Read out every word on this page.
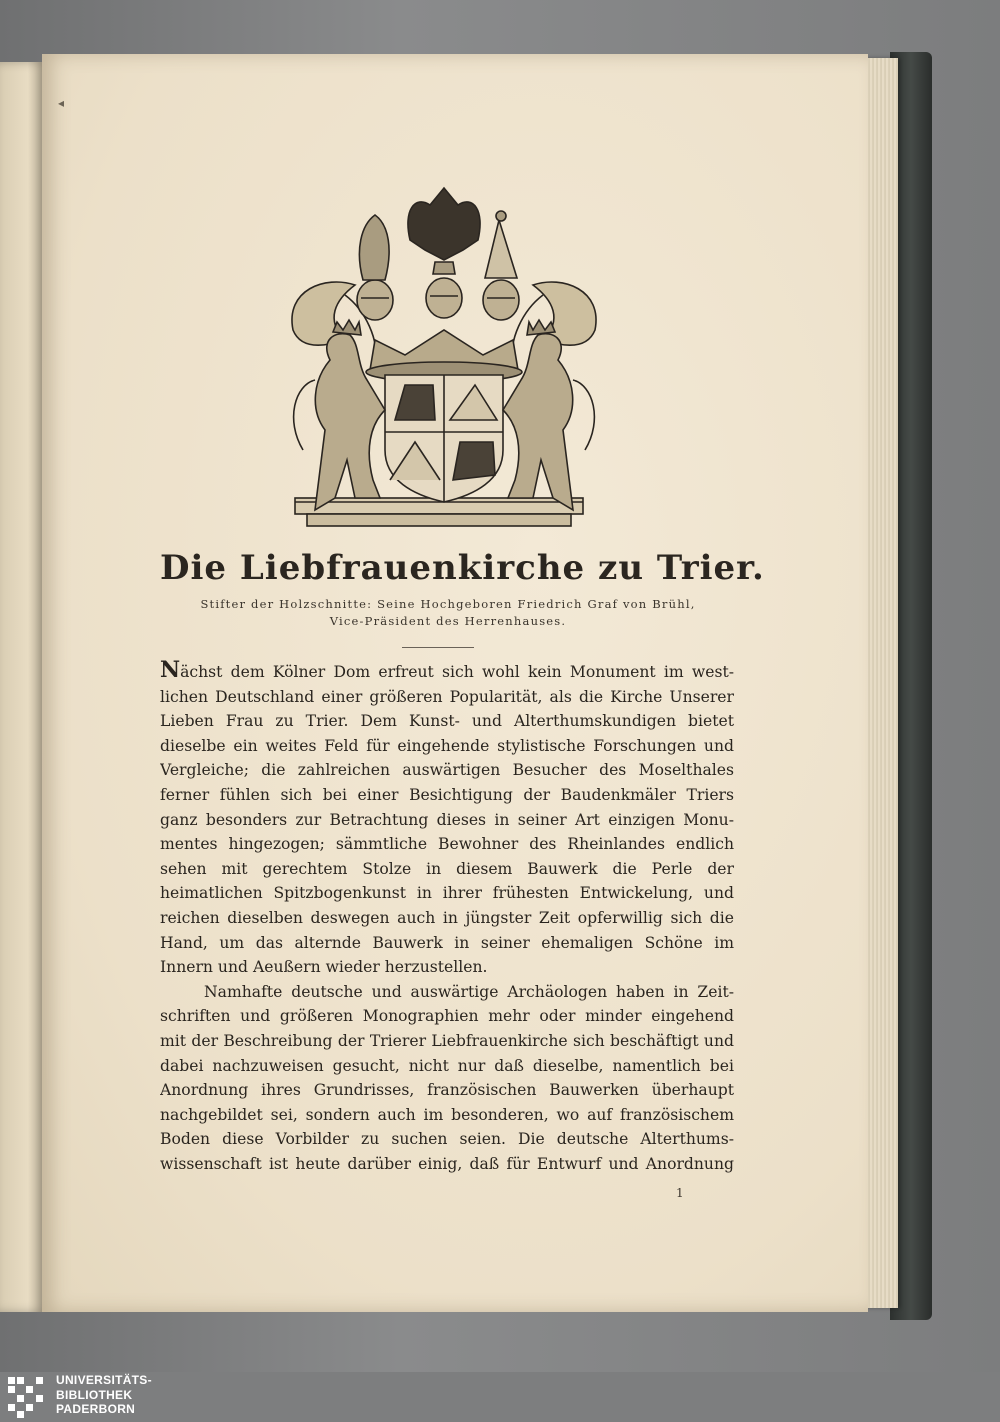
◂
Die Liebfrauenkirche zu Trier.
Stifter der Holzschnitte: Seine Hochgeboren Friedrich Graf von Brühl,
Vice-Präsident des Herrenhauses.
Nächst dem Kölner Dom erfreut sich wohl kein Monument im west-
lichen Deutschland einer größeren Popularität, als die Kirche Unserer
Lieben Frau zu Trier. Dem Kunst- und Alterthumskundigen bietet
dieselbe ein weites Feld für eingehende stylistische Forschungen und
Vergleiche; die zahlreichen auswärtigen Besucher des Moselthales
ferner fühlen sich bei einer Besichtigung der Baudenkmäler Triers
ganz besonders zur Betrachtung dieses in seiner Art einzigen Monu-
mentes hingezogen; sämmtliche Bewohner des Rheinlandes endlich
sehen mit gerechtem Stolze in diesem Bauwerk die Perle der
heimatlichen Spitzbogenkunst in ihrer frühesten Entwickelung, und
reichen dieselben deswegen auch in jüngster Zeit opferwillig sich die
Hand, um das alternde Bauwerk in seiner ehemaligen Schöne im
Innern und Aeußern wieder herzustellen.
Namhafte deutsche und auswärtige Archäologen haben in Zeit-
schriften und größeren Monographien mehr oder minder eingehend
mit der Beschreibung der Trierer Liebfrauenkirche sich beschäftigt und
dabei nachzuweisen gesucht, nicht nur daß dieselbe, namentlich bei
Anordnung ihres Grundrisses, französischen Bauwerken überhaupt
nachgebildet sei, sondern auch im besonderen, wo auf französischem
Boden diese Vorbilder zu suchen seien. Die deutsche Alterthums-
wissenschaft ist heute darüber einig, daß für Entwurf und Anordnung
1
UNIVERSITÄTS-
BIBLIOTHEK
PADERBORN
